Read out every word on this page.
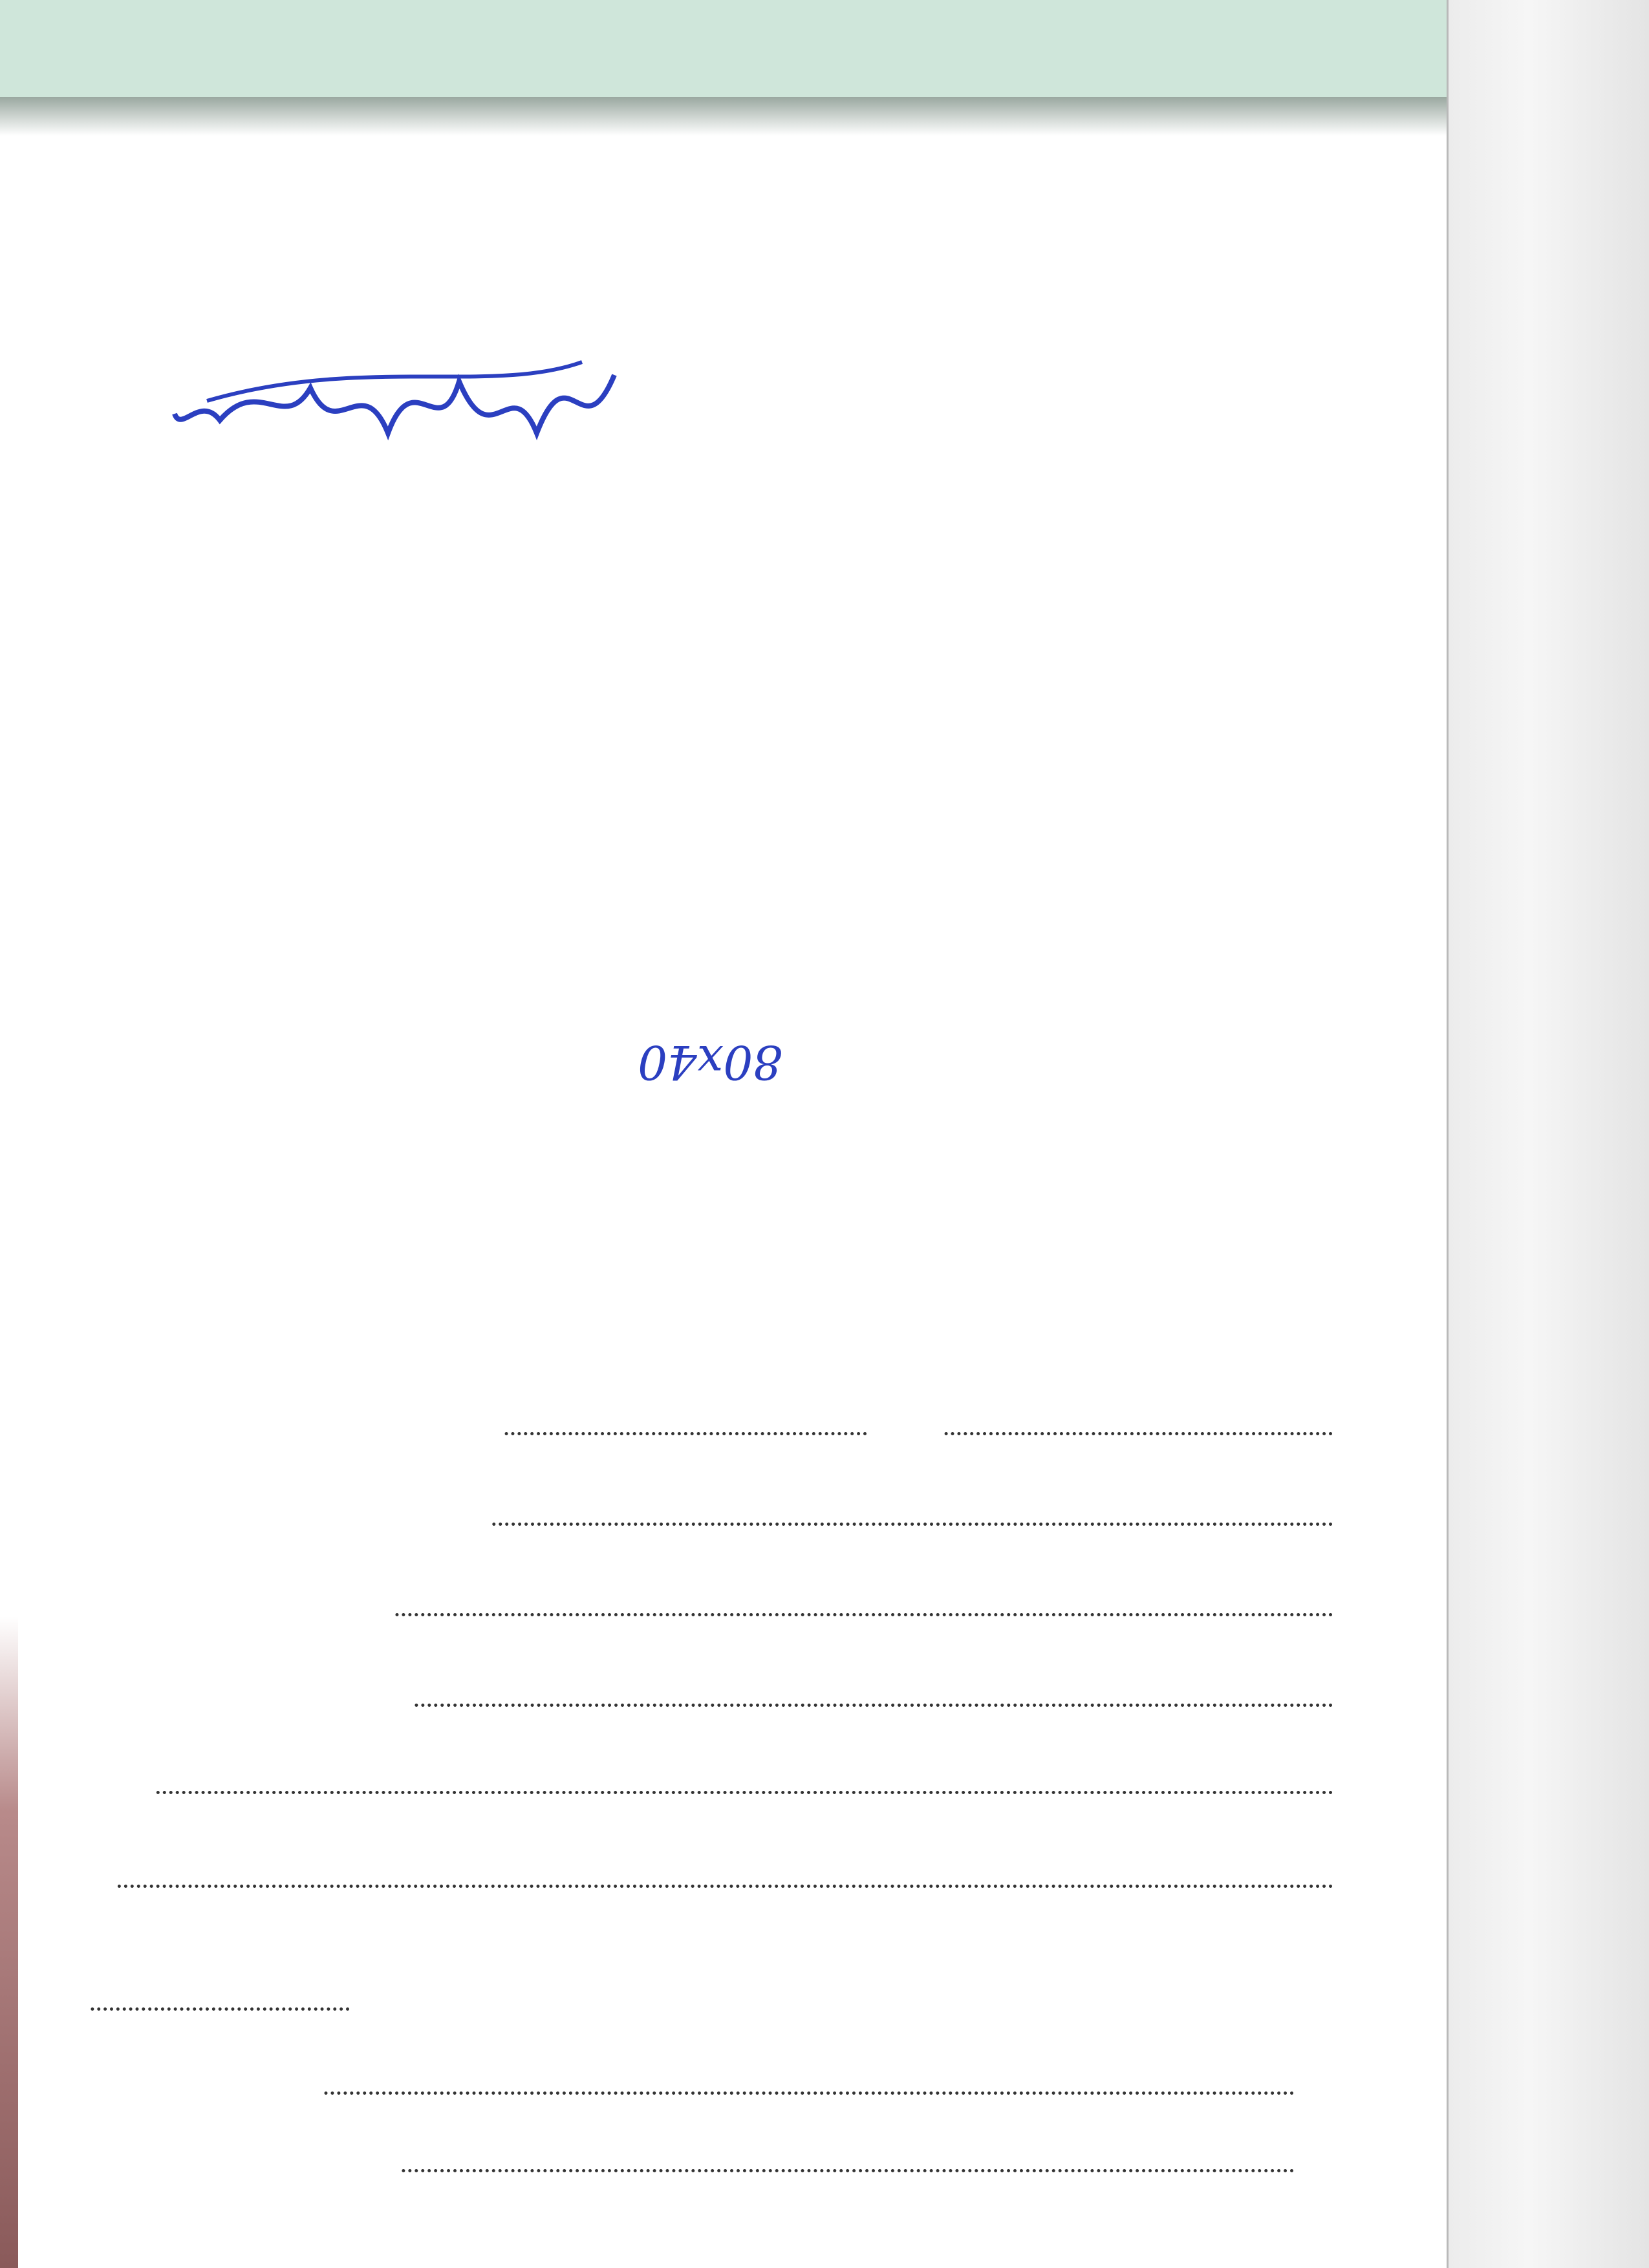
80x40
